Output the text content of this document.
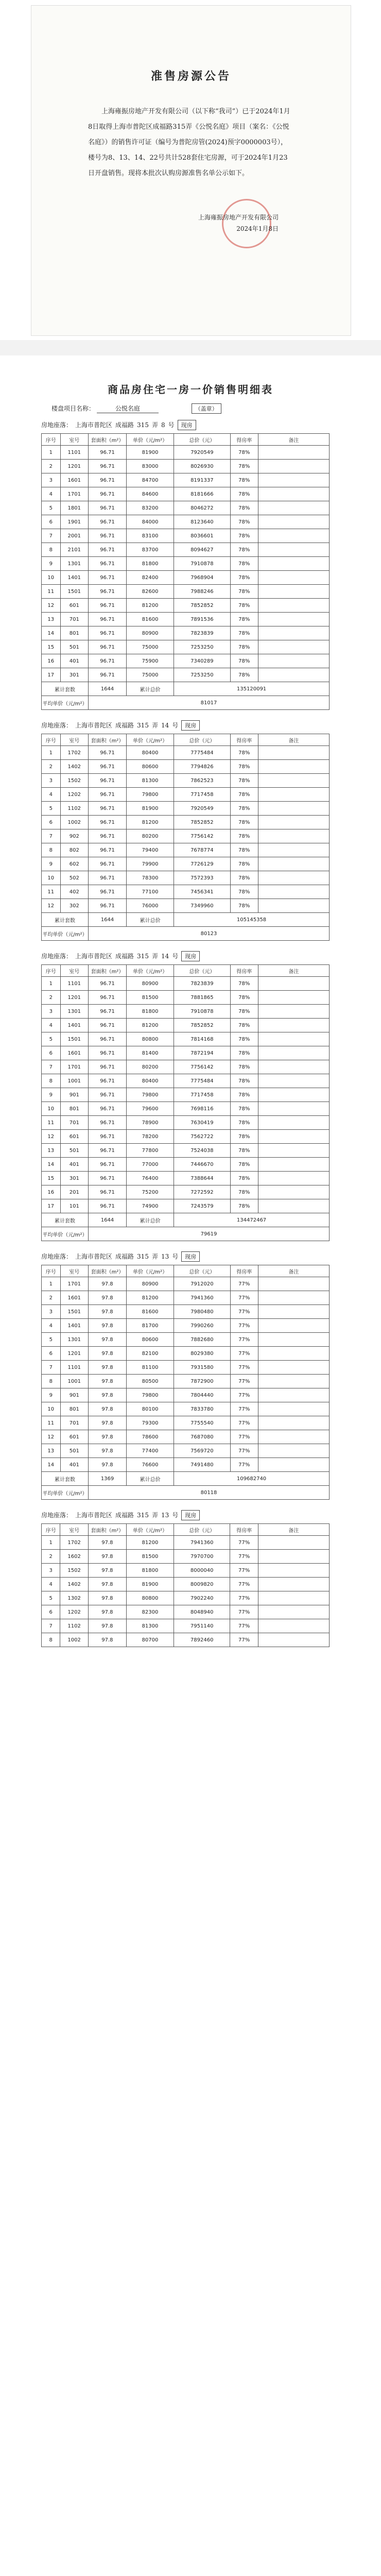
准售房源公告
上海雍振房地产开发有限公司（以下称“我司”）已于2024年1月8日取得上海市普陀区成福路315弄《公悦名庭》项目（案名：《公悦名庭》）的销售许可证（编号为普陀房管(2024)预字0000003号），楼号为8、13、14、22号共计528套住宅房源，可于2024年1月23日开盘销售。现将本批次认购房源准售名单公示如下。
上海雍振房地产开发有限公司
2024年1月8日
商品房住宅一房一价销售明细表
楼盘项目名称：	公悦名庭	（盖章）
房地座落： 上海市普陀区 成福路 315 弄 8 号 现房
序号	室号	套面积（m²）	单价（元/m²）	总价（元）	得房率	备注
1	1101	96.71	81900	7920549	78%	
2	1201	96.71	83000	8026930	78%	
3	1601	96.71	84700	8191337	78%	
4	1701	96.71	84600	8181666	78%	
5	1801	96.71	83200	8046272	78%	
6	1901	96.71	84000	8123640	78%	
7	2001	96.71	83100	8036601	78%	
8	2101	96.71	83700	8094627	78%	
9	1301	96.71	81800	7910878	78%	
10	1401	96.71	82400	7968904	78%	
11	1501	96.71	82600	7988246	78%	
12	601	96.71	81200	7852852	78%	
13	701	96.71	81600	7891536	78%	
14	801	96.71	80900	7823839	78%	
15	501	96.71	75000	7253250	78%	
16	401	96.71	75900	7340289	78%	
17	301	96.71	75000	7253250	78%	
累计套数		1644	累计总价	135120091		
平均单价（元/m²）		81017				
房地座落： 上海市普陀区 成福路 315 弄 14 号 现房
序号	室号	套面积（m²）	单价（元/m²）	总价（元）	得房率	备注
1	1702	96.71	80400	7775484	78%	
2	1402	96.71	80600	7794826	78%	
3	1502	96.71	81300	7862523	78%	
4	1202	96.71	79800	7717458	78%	
5	1102	96.71	81900	7920549	78%	
6	1002	96.71	81200	7852852	78%	
7	902	96.71	80200	7756142	78%	
8	802	96.71	79400	7678774	78%	
9	602	96.71	79900	7726129	78%	
10	502	96.71	78300	7572393	78%	
11	402	96.71	77100	7456341	78%	
12	302	96.71	76000	7349960	78%	
累计套数		1644	累计总价	105145358		
平均单价（元/m²）		80123				
房地座落： 上海市普陀区 成福路 315 弄 14 号 现房
序号	室号	套面积（m²）	单价（元/m²）	总价（元）	得房率	备注
1	1101	96.71	80900	7823839	78%	
2	1201	96.71	81500	7881865	78%	
3	1301	96.71	81800	7910878	78%	
4	1401	96.71	81200	7852852	78%	
5	1501	96.71	80800	7814168	78%	
6	1601	96.71	81400	7872194	78%	
7	1701	96.71	80200	7756142	78%	
8	1001	96.71	80400	7775484	78%	
9	901	96.71	79800	7717458	78%	
10	801	96.71	79600	7698116	78%	
11	701	96.71	78900	7630419	78%	
12	601	96.71	78200	7562722	78%	
13	501	96.71	77800	7524038	78%	
14	401	96.71	77000	7446670	78%	
15	301	96.71	76400	7388644	78%	
16	201	96.71	75200	7272592	78%	
17	101	96.71	74900	7243579	78%	
累计套数		1644	累计总价	134472467		
平均单价（元/m²）		79619				
房地座落： 上海市普陀区 成福路 315 弄 13 号 现房
序号	室号	套面积（m²）	单价（元/m²）	总价（元）	得房率	备注
1	1701	97.8	80900	7912020	77%	
2	1601	97.8	81200	7941360	77%	
3	1501	97.8	81600	7980480	77%	
4	1401	97.8	81700	7990260	77%	
5	1301	97.8	80600	7882680	77%	
6	1201	97.8	82100	8029380	77%	
7	1101	97.8	81100	7931580	77%	
8	1001	97.8	80500	7872900	77%	
9	901	97.8	79800	7804440	77%	
10	801	97.8	80100	7833780	77%	
11	701	97.8	79300	7755540	77%	
12	601	97.8	78600	7687080	77%	
13	501	97.8	77400	7569720	77%	
14	401	97.8	76600	7491480	77%	
累计套数		1369	累计总价	109682740		
平均单价（元/m²）		80118				
房地座落： 上海市普陀区 成福路 315 弄 13 号 现房
序号	室号	套面积（m²）	单价（元/m²）	总价（元）	得房率	备注
1	1702	97.8	81200	7941360	77%	
2	1602	97.8	81500	7970700	77%	
3	1502	97.8	81800	8000040	77%	
4	1402	97.8	81900	8009820	77%	
5	1302	97.8	80800	7902240	77%	
6	1202	97.8	82300	8048940	77%	
7	1102	97.8	81300	7951140	77%	
8	1002	97.8	80700	7892460	77%	
